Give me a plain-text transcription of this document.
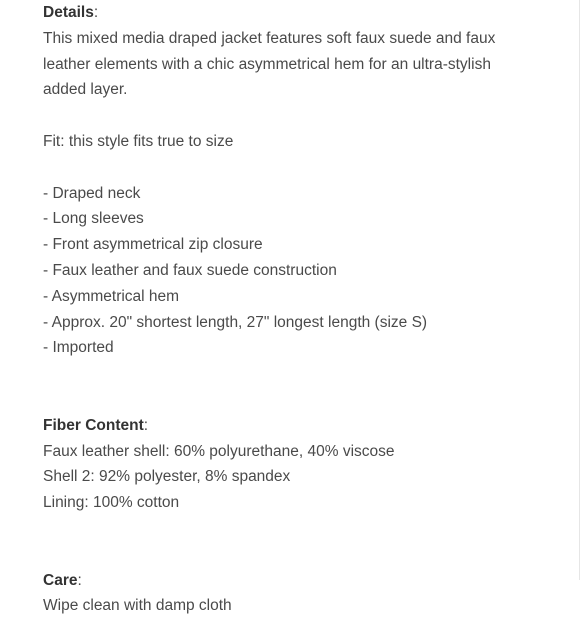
Details:
This mixed media draped jacket features soft faux suede and faux
leather elements with a chic asymmetrical hem for an ultra-stylish
added layer.
Fit: this style fits true to size
- Draped neck
- Long sleeves
- Front asymmetrical zip closure
- Faux leather and faux suede construction
- Asymmetrical hem
- Approx. 20" shortest length, 27" longest length (size S)
- Imported
Fiber Content:
Faux leather shell: 60% polyurethane, 40% viscose
Shell 2: 92% polyester, 8% spandex
Lining: 100% cotton
Care:
Wipe clean with damp cloth
